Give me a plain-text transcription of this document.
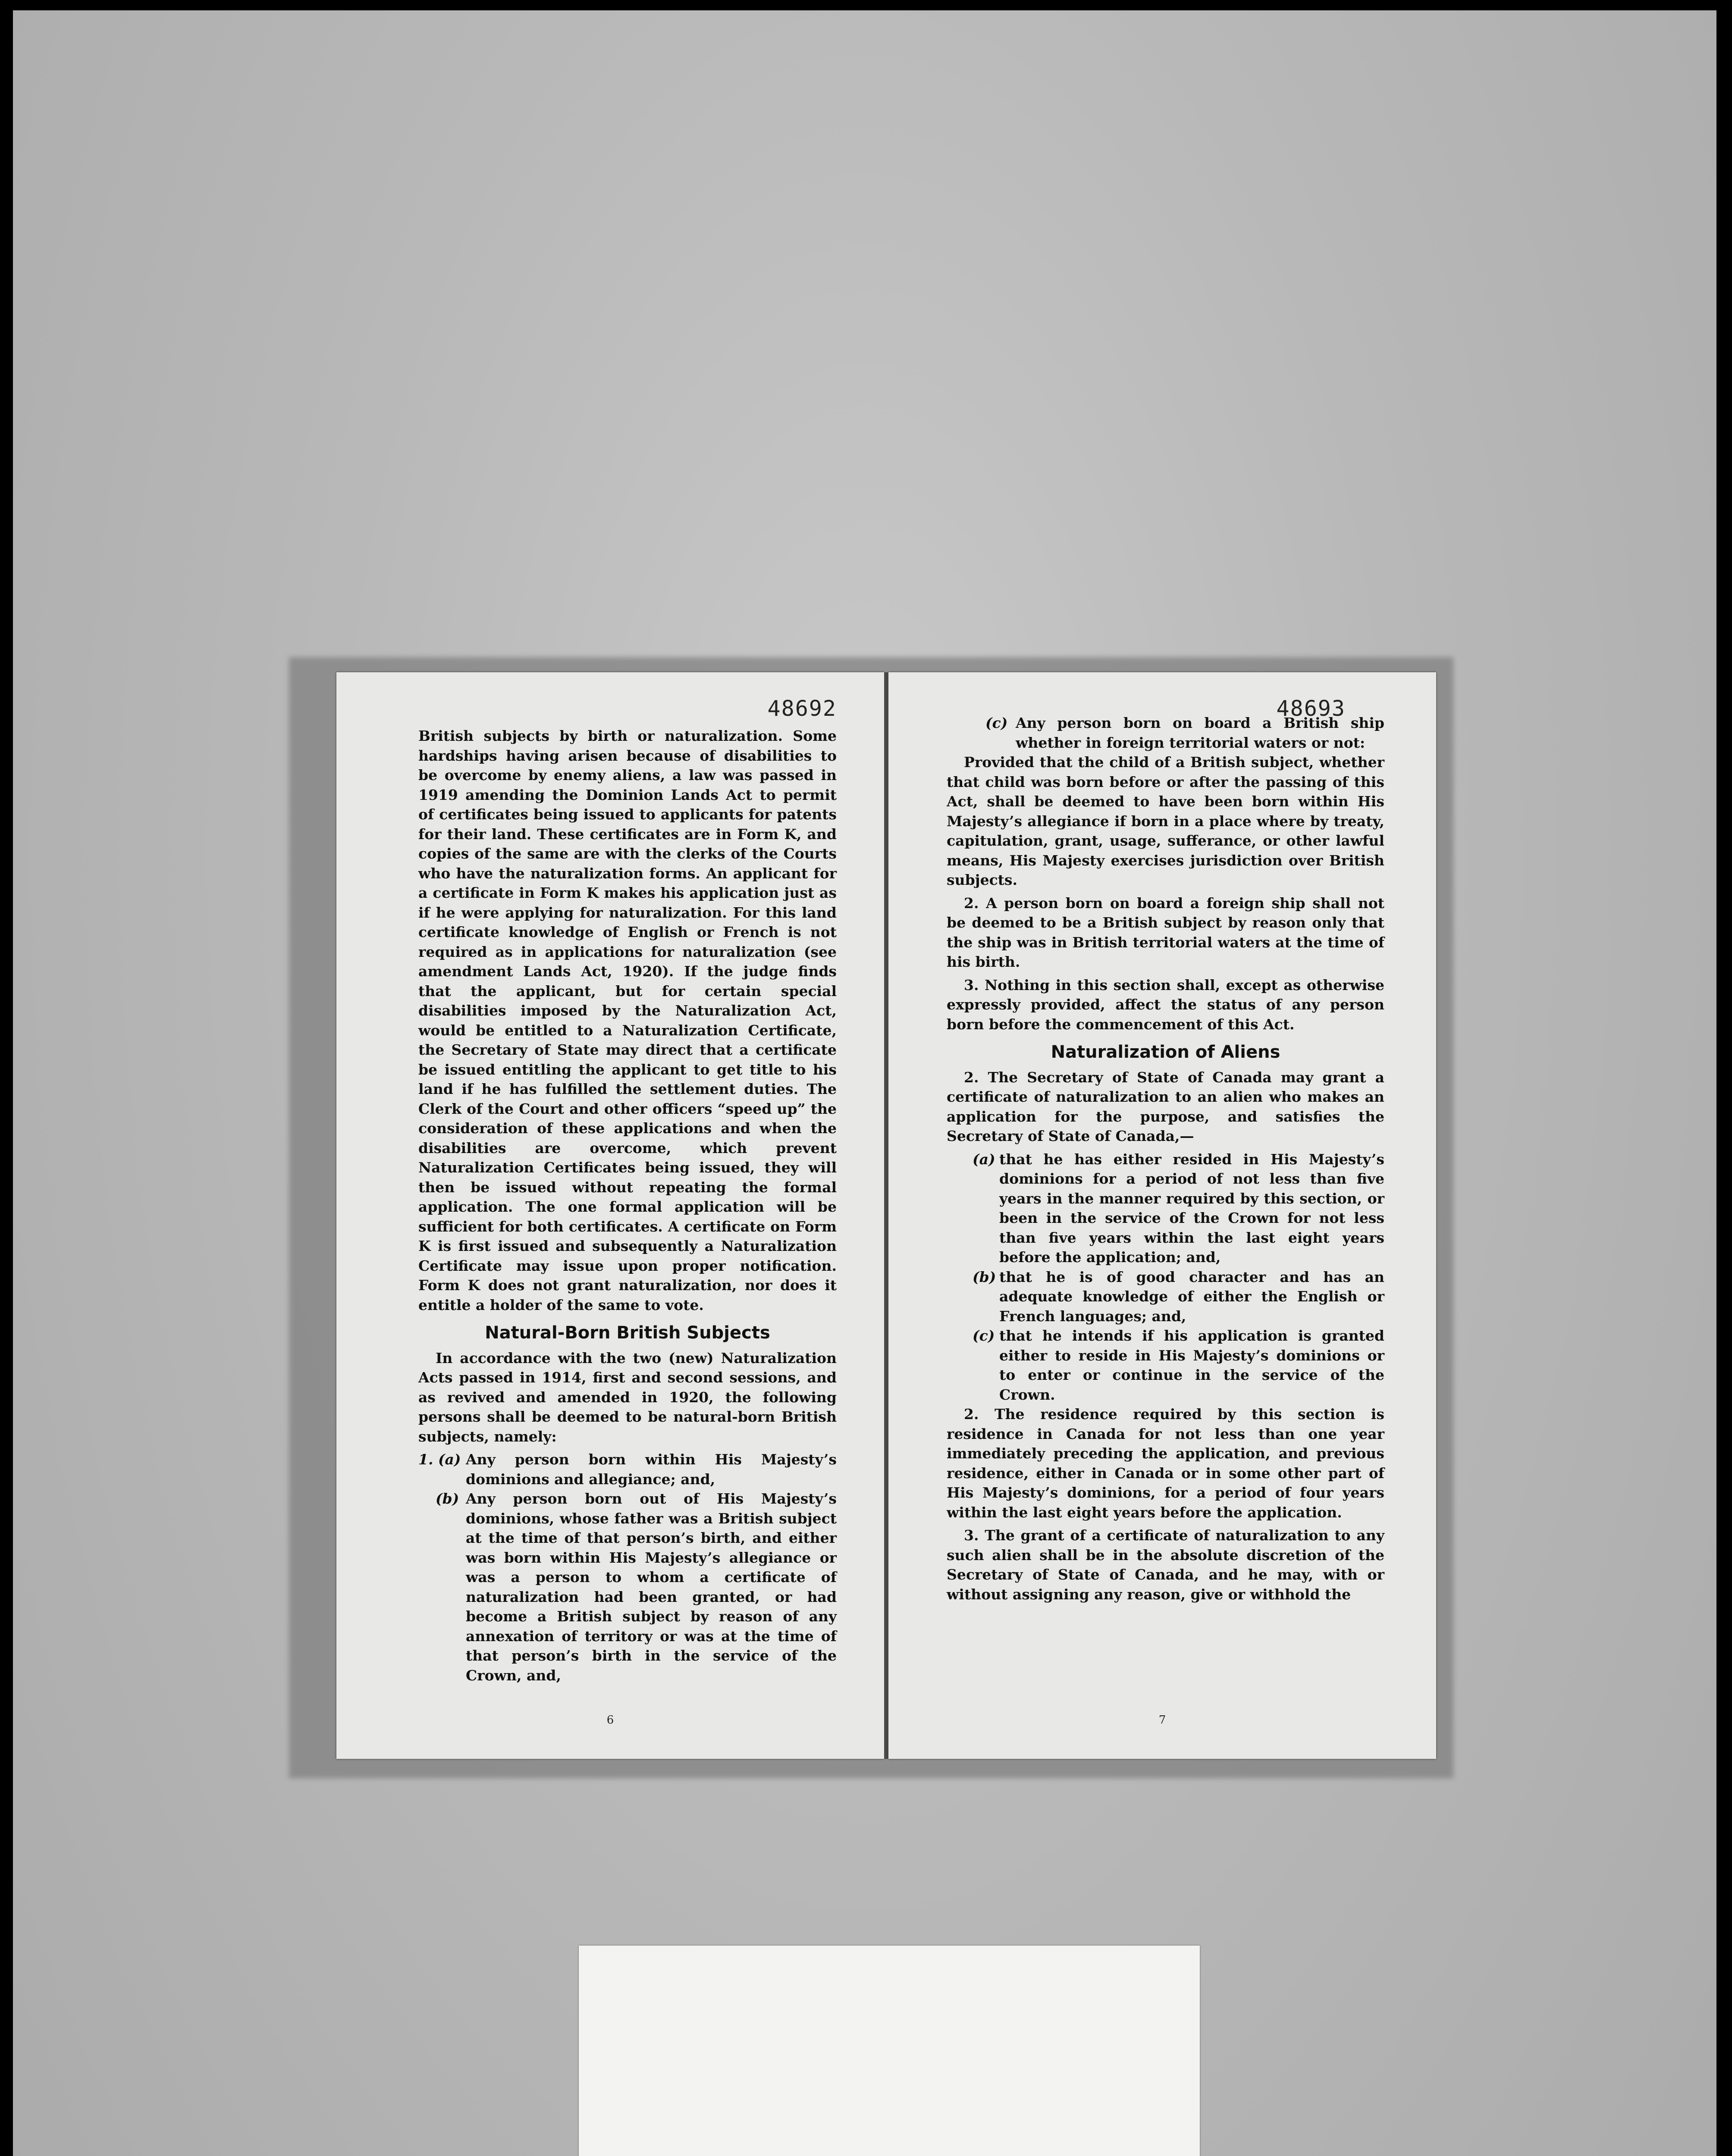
48692

British subjects by birth or naturalization. Some hardships having arisen because of disabilities to be overcome by enemy aliens, a law was passed in 1919 amending the Dominion Lands Act to permit of certificates being issued to applicants for patents for their land. These certificates are in Form K, and copies of the same are with the clerks of the Courts who have the naturalization forms. An applicant for a certificate in Form K makes his application just as if he were applying for naturalization. For this land certificate knowledge of English or French is not required as in applications for naturalization (see amendment Lands Act, 1920). If the judge finds that the applicant, but for certain special disabilities imposed by the Naturalization Act, would be entitled to a Naturalization Certificate, the Secretary of State may direct that a certificate be issued entitling the applicant to get title to his land if he has fulfilled the settlement duties. The Clerk of the Court and other officers “speed up” the consideration of these applications and when the disabilities are overcome, which prevent Naturalization Certificates being issued, they will then be issued without repeating the formal application. The one formal application will be sufficient for both certificates. A certificate on Form K is first issued and subsequently a Naturalization Certificate may issue upon proper notification. Form K does not grant naturalization, nor does it entitle a holder of the same to vote.

Natural-Born British Subjects

In accordance with the two (new) Naturalization Acts passed in 1914, first and second sessions, and as revived and amended in 1920, the following persons shall be deemed to be natural-born British subjects, namely:

1. (a) Any person born within His Majesty’s dominions and allegiance; and,
(b) Any person born out of His Majesty’s dominions, whose father was a British subject at the time of that person’s birth, and either was born within His Majesty’s allegiance or was a person to whom a certificate of naturalization had been granted, or had become a British subject by reason of any annexation of territory or was at the time of that person’s birth in the service of the Crown, and,
6
48693
(c) Any person born on board a British ship whether in foreign territorial waters or not:

Provided that the child of a British subject, whether that child was born before or after the passing of this Act, shall be deemed to have been born within His Majesty’s allegiance if born in a place where by treaty, capitulation, grant, usage, sufferance, or other lawful means, His Majesty exercises jurisdiction over British subjects.

2. A person born on board a foreign ship shall not be deemed to be a British subject by reason only that the ship was in British territorial waters at the time of his birth.

3. Nothing in this section shall, except as otherwise expressly provided, affect the status of any person born before the commencement of this Act.

Naturalization of Aliens

2. The Secretary of State of Canada may grant a certificate of naturalization to an alien who makes an application for the purpose, and satisfies the Secretary of State of Canada,—

(a) that he has either resided in His Majesty’s dominions for a period of not less than five years in the manner required by this section, or been in the service of the Crown for not less than five years within the last eight years before the application; and,
(b) that he is of good character and has an adequate knowledge of either the English or French languages; and,
(c) that he intends if his application is granted either to reside in His Majesty’s dominions or to enter or continue in the service of the Crown.

2. The residence required by this section is residence in Canada for not less than one year immediately preceding the application, and previous residence, either in Canada or in some other part of His Majesty’s dominions, for a period of four years within the last eight years before the application.

3. The grant of a certificate of naturalization to any such alien shall be in the absolute discretion of the Secretary of State of Canada, and he may, with or without assigning any reason, give or withhold the

7
